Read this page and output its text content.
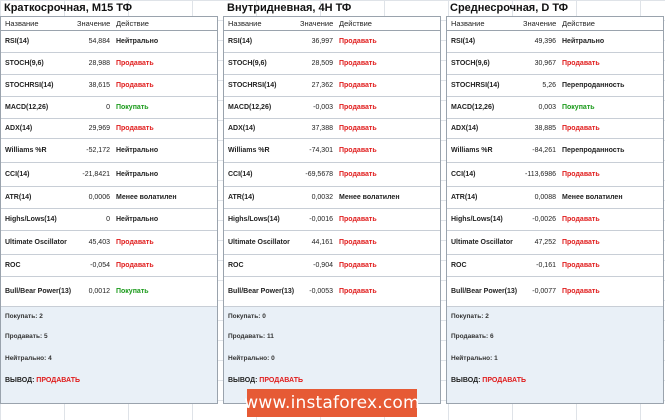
Краткосрочная, M15 ТФ
Название	Значение Действие
RSI(14)	54,884 Нейтрально
STOCH(9,6)	28,988 Продавать
STOCHRSI(14)	38,615 Продавать
MACD(12,26)	0 Покупать
ADX(14)	29,969 Продавать
Williams %R	-52,172 Нейтрально
CCI(14)	-21,8421 Нейтрально
ATR(14)	0,0006 Менее волатилен
Highs/Lows(14)	0 Нейтрально
Ultimate Oscillator	45,403 Продавать
ROC	-0,054 Продавать
Bull/Bear Power(13)	0,0012 Покупать
Покупать: 2
Продавать: 5
Нейтрально: 4
ВЫВОД: ПРОДАВАТЬ
Внутридневная, 4H ТФ
Название	Значение Действие
RSI(14)	36,997 Продавать
STOCH(9,6)	28,509 Продавать
STOCHRSI(14)	27,362 Продавать
MACD(12,26)	-0,003 Продавать
ADX(14)	37,388 Продавать
Williams %R	-74,301 Продавать
CCI(14)	-69,5678 Продавать
ATR(14)	0,0032 Менее волатилен
Highs/Lows(14)	-0,0016 Продавать
Ultimate Oscillator	44,161 Продавать
ROC	-0,904 Продавать
Bull/Bear Power(13)	-0,0053 Продавать
Покупать: 0
Продавать: 11
Нейтрально: 0
ВЫВОД: ПРОДАВАТЬ
Среднесрочная, D ТФ
Название	Значение Действие
RSI(14)	49,396 Нейтрально
STOCH(9,6)	30,967 Продавать
STOCHRSI(14)	5,26 Перепроданность
MACD(12,26)	0,003 Покупать
ADX(14)	38,885 Продавать
Williams %R	-84,261 Перепроданность
CCI(14)	-113,6986 Продавать
ATR(14)	0,0088 Менее волатилен
Highs/Lows(14)	-0,0026 Продавать
Ultimate Oscillator	47,252 Продавать
ROC	-0,161 Продавать
Bull/Bear Power(13)	-0,0077 Продавать
Покупать: 2
Продавать: 6
Нейтрально: 1
ВЫВОД: ПРОДАВАТЬ
www.instaforex.com
